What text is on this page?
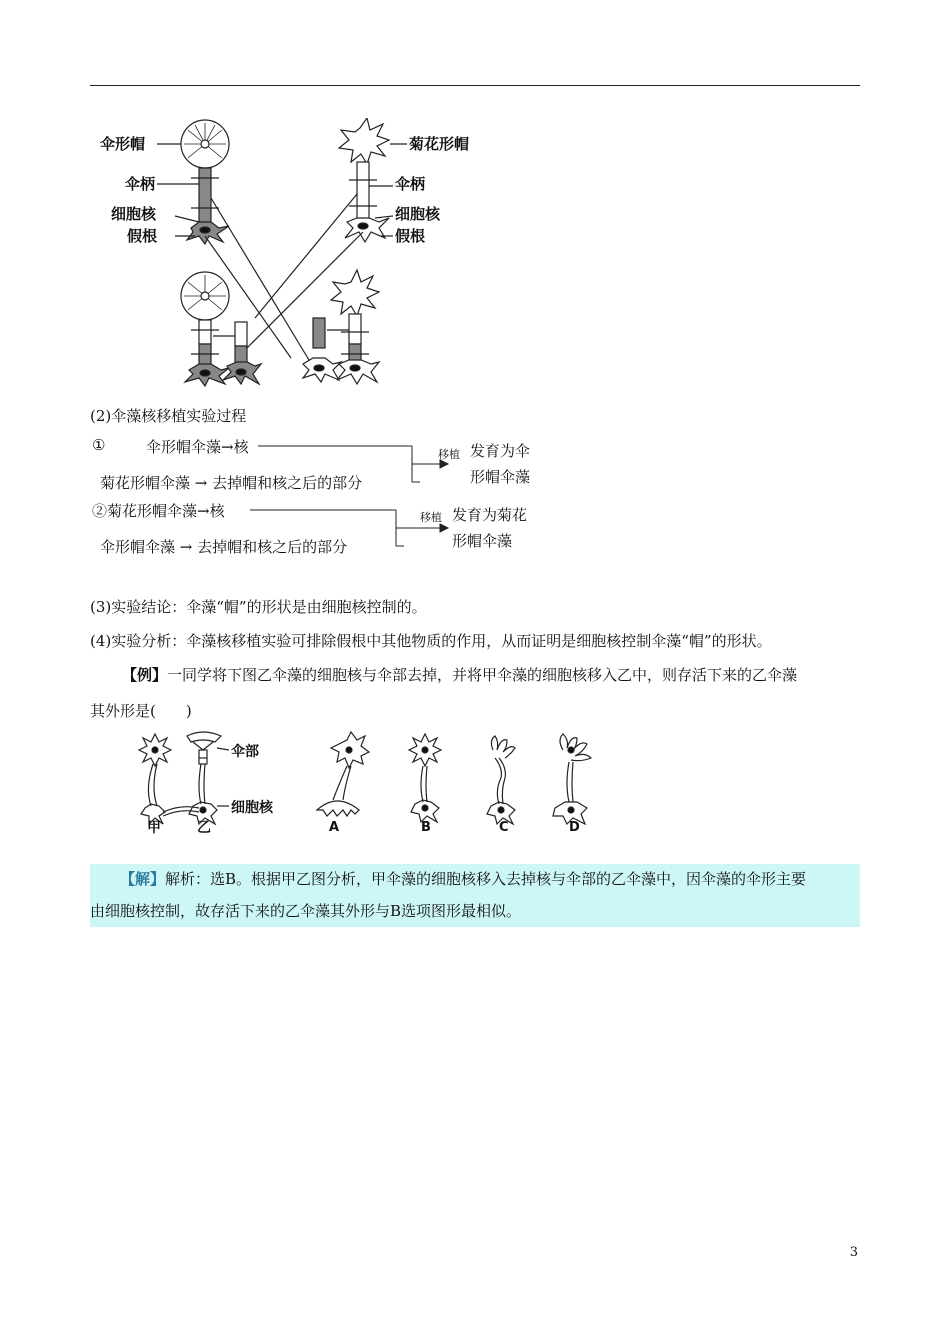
伞形帽
伞柄
细胞核
假根
菊花形帽
伞柄
细胞核
假根
(2)伞藻核移植实验过程
①	伞形帽伞藻→核
菊花形帽伞藻 → 去掉帽和核之后的部分
移植 发育为伞
形帽伞藻
②菊花形帽伞藻→核
伞形帽伞藻 → 去掉帽和核之后的部分
移植 发育为菊花
形帽伞藻
(3)实验结论：伞藻“帽”的形状是由细胞核控制的。
(4)实验分析：伞藻核移植实验可排除假根中其他物质的作用，从而证明是细胞核控制伞藻“帽”的形状。
【例】一同学将下图乙伞藻的细胞核与伞部去掉，并将甲伞藻的细胞核移入乙中，则存活下来的乙伞藻
其外形是(　　)
伞部
细胞核
甲	乙	A	B	C	D
【解】解析：选B。根据甲乙图分析，甲伞藻的细胞核移入去掉核与伞部的乙伞藻中，因伞藻的伞形主要
由细胞核控制，故存活下来的乙伞藻其外形与B选项图形最相似。
3
